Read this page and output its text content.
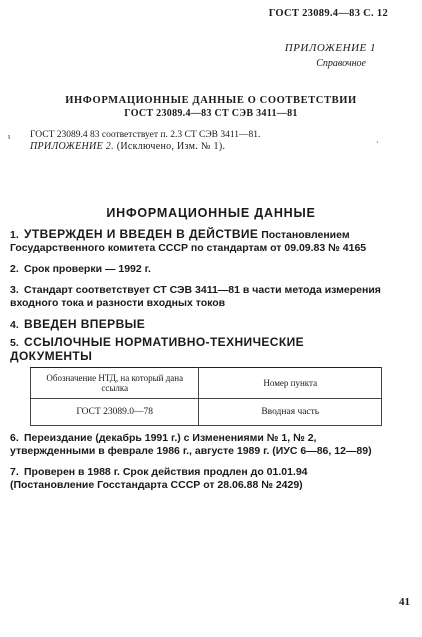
ГОСТ 23089.4—83 С. 12
ПРИЛОЖЕНИЕ 1
Справочное
ИНФОРМАЦИОННЫЕ ДАННЫЕ О СООТВЕТСТВИИ
ГОСТ 23089.4—83 СТ СЭВ 3411—81
ι
·
ГОСТ 23089.4 83 соответствует п. 2.3 СТ СЭВ 3411—81.
ПРИЛОЖЕНИЕ 2. (Исключено, Изм. № 1).
ИНФОРМАЦИОННЫЕ ДАННЫЕ
1. УТВЕРЖДЕН И ВВЕДЕН В ДЕЙСТВИЕ Постановлением Государственного комитета СССР по стандартам от 09.09.83 № 4165
2. Срок проверки — 1992 г.
3. Стандарт соответствует СТ СЭВ 3411—81 в части метода измерения входного тока и разности входных токов
4. ВВЕДЕН ВПЕРВЫЕ
5. ССЫЛОЧНЫЕ НОРМАТИВНО-ТЕХНИЧЕСКИЕ ДОКУМЕНТЫ
Обозначение НТД, на который дана ссылка	Номер пункта
ГОСТ 23089.0—78	Вводная часть
6. Переиздание (декабрь 1991 г.) с Изменениями № 1, № 2, утвержденными в феврале 1986 г., августе 1989 г. (ИУС 6—86, 12—89)
7. Проверен в 1988 г. Срок действия продлен до 01.01.94 (Постановление Госстандарта СССР от 28.06.88 № 2429)
41
